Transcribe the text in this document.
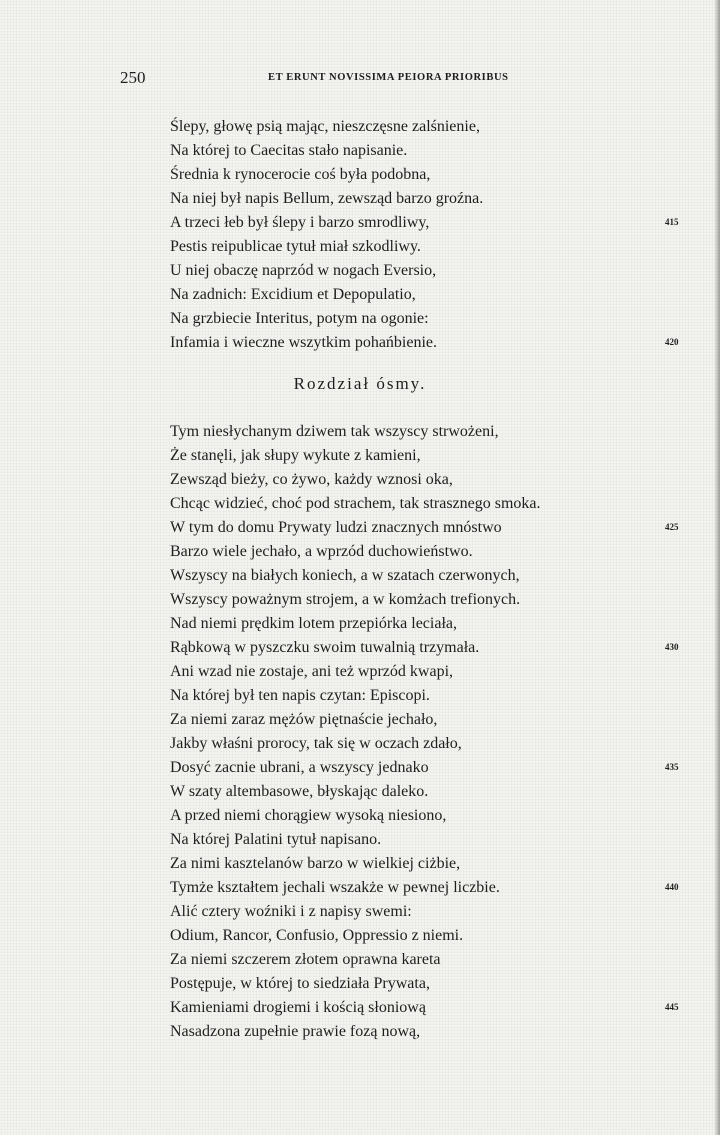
250	ET ERUNT NOVISSIMA PEIORA PRIORIBUS
Ślepy, głowę psią mając, nieszczęsne zalśnienie,
Na której to Caecitas stało napisanie.
Średnia k rynocerocie coś była podobna,
Na niej był napis Bellum, zewsząd barzo groźna.
A trzeci łeb był ślepy i barzo smrodliwy,	415
Pestis reipublicae tytuł miał szkodliwy.
U niej obaczę naprzód w nogach Eversio,
Na zadnich: Excidium et Depopulatio,
Na grzbiecie Interitus, potym na ogonie:
Infamia i wieczne wszytkim pohańbienie.	420
Rozdział ósmy.
Tym niesłychanym dziwem tak wszyscy strwożeni,
Że stanęli, jak słupy wykute z kamieni,
Zewsząd bieży, co żywo, każdy wznosi oka,
Chcąc widzieć, choć pod strachem, tak strasznego smoka.
W tym do domu Prywaty ludzi znacznych mnóstwo	425
Barzo wiele jechało, a wprzód duchowieństwo.
Wszyscy na białych koniech, a w szatach czerwonych,
Wszyscy poważnym strojem, a w komżach trefionych.
Nad niemi prędkim lotem przepiórka leciała,
Rąbkową w pyszczku swoim tuwalnią trzymała.	430
Ani wzad nie zostaje, ani też wprzód kwapi,
Na której był ten napis czytan: Episcopi.
Za niemi zaraz mężów piętnaście jechało,
Jakby właśni prorocy, tak się w oczach zdało,
Dosyć zacnie ubrani, a wszyscy jednako	435
W szaty altembasowe, błyskając daleko.
A przed niemi chorągiew wysoką niesiono,
Na której Palatini tytuł napisano.
Za nimi kasztelanów barzo w wielkiej ciżbie,
Tymże kształtem jechali wszakże w pewnej liczbie.	440
Alić cztery woźniki i z napisy swemi:
Odium, Rancor, Confusio, Oppressio z niemi.
Za niemi szczerem złotem oprawna kareta
Postępuje, w której to siedziała Prywata,
Kamieniami drogiemi i kością słoniową	445
Nasadzona zupełnie prawie fozą nową,
